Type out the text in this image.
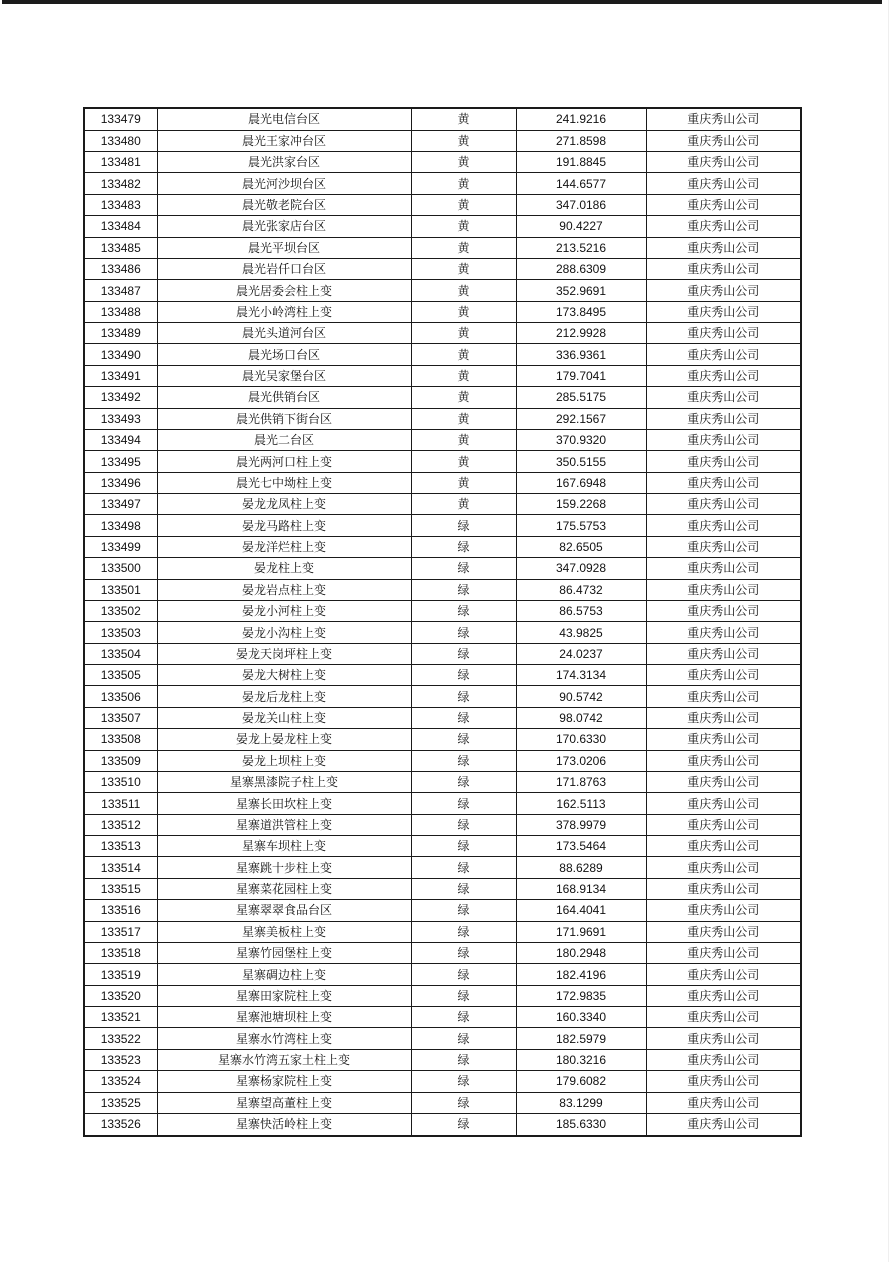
133479	晨光电信台区	黄	241.9216	重庆秀山公司
133480	晨光王家冲台区	黄	271.8598	重庆秀山公司
133481	晨光洪家台区	黄	191.8845	重庆秀山公司
133482	晨光河沙坝台区	黄	144.6577	重庆秀山公司
133483	晨光敬老院台区	黄	347.0186	重庆秀山公司
133484	晨光张家店台区	黄	90.4227	重庆秀山公司
133485	晨光平坝台区	黄	213.5216	重庆秀山公司
133486	晨光岩仟口台区	黄	288.6309	重庆秀山公司
133487	晨光居委会柱上变	黄	352.9691	重庆秀山公司
133488	晨光小岭湾柱上变	黄	173.8495	重庆秀山公司
133489	晨光头道河台区	黄	212.9928	重庆秀山公司
133490	晨光场口台区	黄	336.9361	重庆秀山公司
133491	晨光吴家堡台区	黄	179.7041	重庆秀山公司
133492	晨光供销台区	黄	285.5175	重庆秀山公司
133493	晨光供销下街台区	黄	292.1567	重庆秀山公司
133494	晨光二台区	黄	370.9320	重庆秀山公司
133495	晨光两河口柱上变	黄	350.5155	重庆秀山公司
133496	晨光七中坳柱上变	黄	167.6948	重庆秀山公司
133497	晏龙龙凤柱上变	黄	159.2268	重庆秀山公司
133498	晏龙马路柱上变	绿	175.5753	重庆秀山公司
133499	晏龙洋烂柱上变	绿	82.6505	重庆秀山公司
133500	晏龙柱上变	绿	347.0928	重庆秀山公司
133501	晏龙岩点柱上变	绿	86.4732	重庆秀山公司
133502	晏龙小河柱上变	绿	86.5753	重庆秀山公司
133503	晏龙小沟柱上变	绿	43.9825	重庆秀山公司
133504	晏龙天岗坪柱上变	绿	24.0237	重庆秀山公司
133505	晏龙大树柱上变	绿	174.3134	重庆秀山公司
133506	晏龙后龙柱上变	绿	90.5742	重庆秀山公司
133507	晏龙关山柱上变	绿	98.0742	重庆秀山公司
133508	晏龙上晏龙柱上变	绿	170.6330	重庆秀山公司
133509	晏龙上坝柱上变	绿	173.0206	重庆秀山公司
133510	星寨黑漆院子柱上变	绿	171.8763	重庆秀山公司
133511	星寨长田坎柱上变	绿	162.5113	重庆秀山公司
133512	星寨道洪管柱上变	绿	378.9979	重庆秀山公司
133513	星寨车坝柱上变	绿	173.5464	重庆秀山公司
133514	星寨跳十步柱上变	绿	88.6289	重庆秀山公司
133515	星寨菜花园柱上变	绿	168.9134	重庆秀山公司
133516	星寨翠翠食品台区	绿	164.4041	重庆秀山公司
133517	星寨美板柱上变	绿	171.9691	重庆秀山公司
133518	星寨竹园堡柱上变	绿	180.2948	重庆秀山公司
133519	星寨碉边柱上变	绿	182.4196	重庆秀山公司
133520	星寨田家院柱上变	绿	172.9835	重庆秀山公司
133521	星寨池塘坝柱上变	绿	160.3340	重庆秀山公司
133522	星寨水竹湾柱上变	绿	182.5979	重庆秀山公司
133523	星寨水竹湾五家土柱上变	绿	180.3216	重庆秀山公司
133524	星寨杨家院柱上变	绿	179.6082	重庆秀山公司
133525	星寨望高董柱上变	绿	83.1299	重庆秀山公司
133526	星寨快活岭柱上变	绿	185.6330	重庆秀山公司
